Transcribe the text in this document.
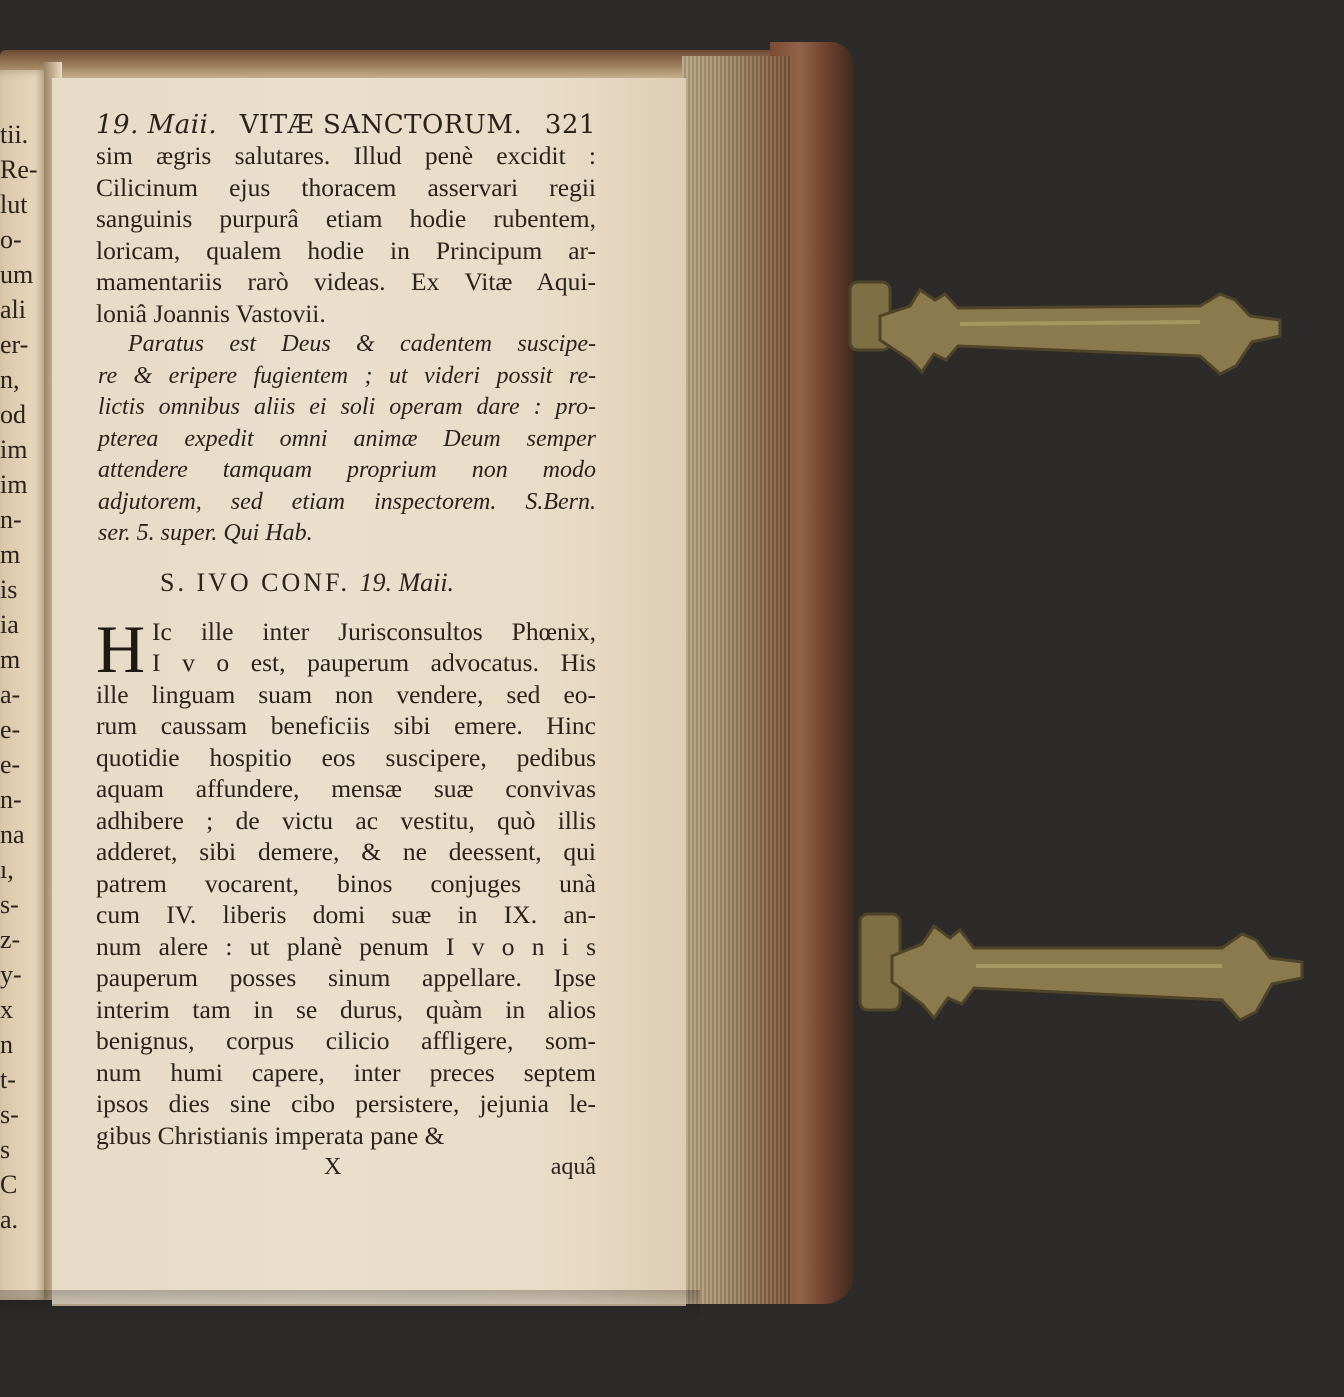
tii.
Re-
lut
o-
um
ali
er-
n,
od
im
im
n-
m
is
ia
m
a-
e-
e-
n-
na
ı,
s-
z-
y-
x
n
t-
s-
s
C
a.
19. Maii. VITÆ SANCTORUM. 321
sim ægris salutares. Illud penè excidit :
Cilicinum ejus thoracem asservari regii
sanguinis purpurâ etiam hodie rubentem,
loricam, qualem hodie in Principum ar-
mamentariis rarò videas. Ex Vitæ Aqui-
loniâ Joannis Vastovii.
Paratus est Deus & cadentem suscipe-
re & eripere fugientem ; ut videri possit re-
lictis omnibus aliis ei soli operam dare : pro-
pterea expedit omni animæ Deum semper
attendere tamquam proprium non modo
adjutorem, sed etiam inspectorem. S.Bern.
ser. 5. super. Qui Hab.
S. IVO CONF. 19. Maii.
H Ic ille inter Jurisconsultos Phœnix,
I v o est, pauperum advocatus. His
ille linguam suam non vendere, sed eo-
rum caussam beneficiis sibi emere. Hinc
quotidie hospitio eos suscipere, pedibus
aquam affundere, mensæ suæ convivas
adhibere ; de victu ac vestitu, quò illis
adderet, sibi demere, & ne deessent, qui
patrem vocarent, binos conjuges unà
cum IV. liberis domi suæ in IX. an-
num alere : ut planè penum I v o n i s
pauperum posses sinum appellare. Ipse
interim tam in se durus, quàm in alios
benignus, corpus cilicio affligere, som-
num humi capere, inter preces septem
ipsos dies sine cibo persistere, jejunia le-
gibus Christianis imperata pane &
X	aquâ
